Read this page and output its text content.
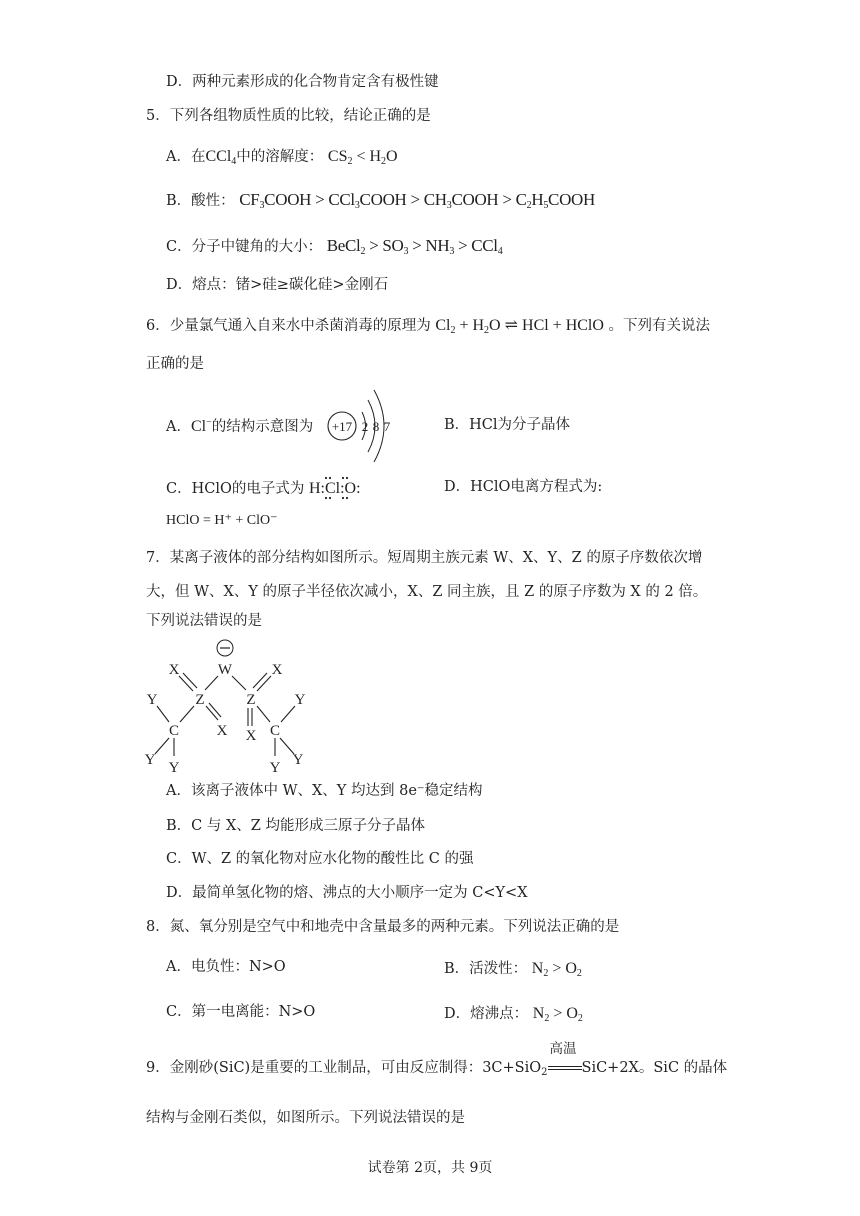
D．两种元素形成的化合物肯定含有极性键
5．下列各组物质性质的比较，结论正确的是
A．在CCl$_4$中的溶解度： $CS_2 < H_2O$
B．酸性： $CF_3COOH$ > CCl$_3$COOH > $CH_3COOH$ > $C_2H_5COOH$
C．分子中键角的大小： BeCl$_2$ > $SO_3 > NH_3 > CCl_4$
D．熔点：锗>硅≥碳化硅>金刚石
6．少量氯气通入自来水中杀菌消毒的原理为 $Cl_2 + H_2O$ ⇌ HCl + HClO 。下列有关说法
正确的是
A．Cl−的结构示意图为 +17 2 8 7	B．HCl为分子晶体
C．HClO的电子式为 H:Cl:O:	D．HClO电离方程式为:
HClO = H⁺ + ClO⁻
7．某离子液体的部分结构如图所示。短周期主族元素 W、X、Y、Z 的原子序数依次增
大，但 W、X、Y 的原子半径依次减小，X、Z 同主族，且 Z 的原子序数为 X 的 2 倍。
下列说法错误的是
W
X	X
Z	Z
Y	Y
C	X X C
Y Y	Y Y
A．该离子液体中 W、X、Y 均达到 8e⁻稳定结构
B．C 与 X、Z 均能形成三原子分子晶体
C．W、Z 的氧化物对应水化物的酸性比 C 的强
D．最简单氢化物的熔、沸点的大小顺序一定为 C<Y<X
8．氮、氧分别是空气中和地壳中含量最多的两种元素。下列说法正确的是
A．电负性：N>O	B．活泼性： $N_2 > O_2$
C．第一电离能：N>O	D．熔沸点： $N_2 > O_2$
9．金刚砂(SiC)是重要的工业制品，可由反应制得：3C+SiO$_2$
高温
SiC+2X。SiC 的晶体
结构与金刚石类似，如图所示。下列说法错误的是
试卷第 2页，共 9页
